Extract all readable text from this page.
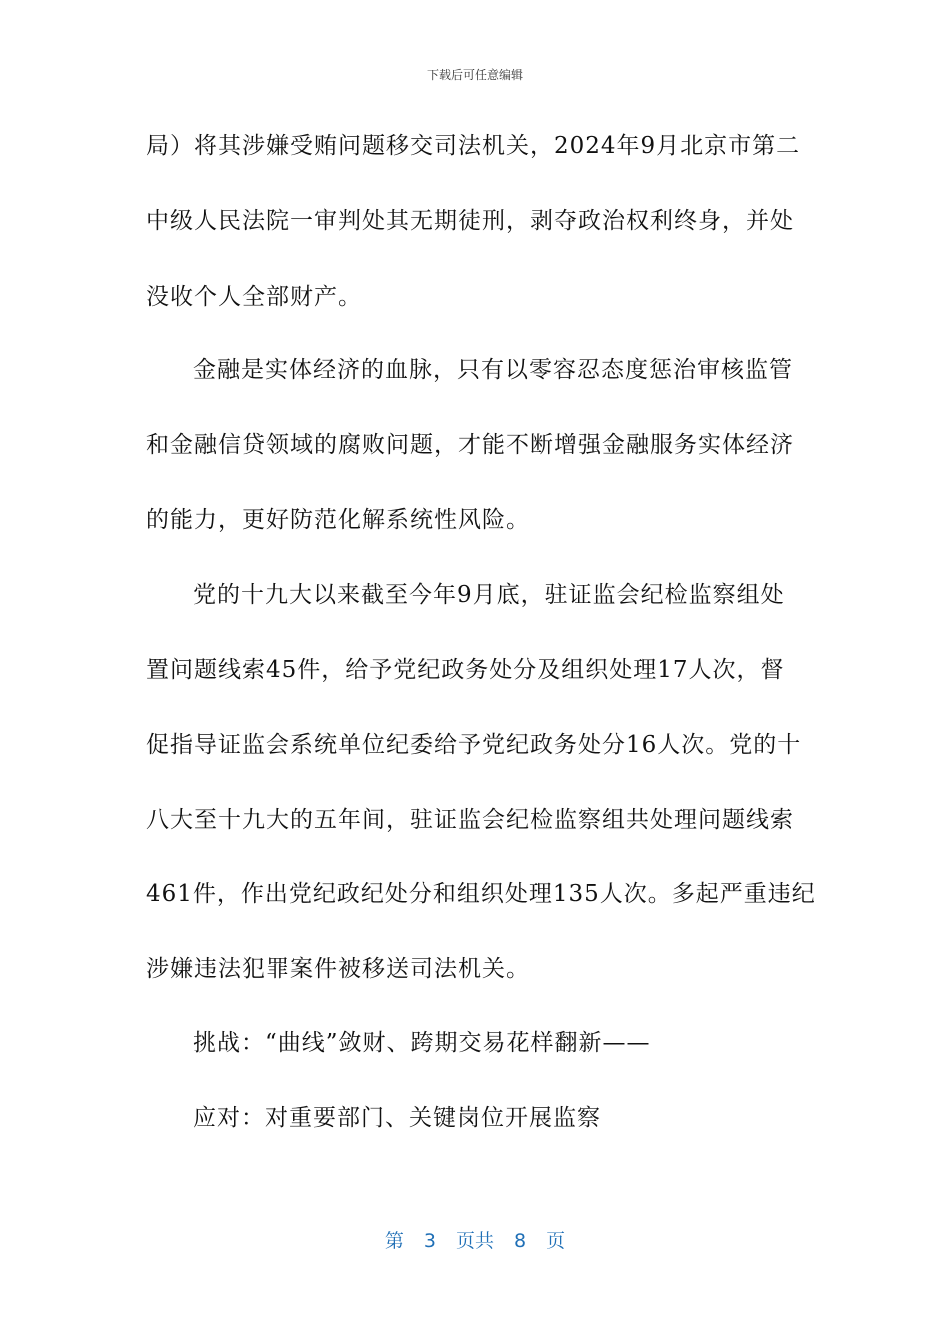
下载后可任意编辑
局）将其涉嫌受贿问题移交司法机关，2024年9月北京市第二
中级人民法院一审判处其无期徒刑，剥夺政治权利终身，并处
没收个人全部财产。
金融是实体经济的血脉，只有以零容忍态度惩治审核监管
和金融信贷领域的腐败问题，才能不断增强金融服务实体经济
的能力，更好防范化解系统性风险。
党的十九大以来截至今年9月底，驻证监会纪检监察组处
置问题线索45件，给予党纪政务处分及组织处理17人次，督
促指导证监会系统单位纪委给予党纪政务处分16人次。党的十
八大至十九大的五年间，驻证监会纪检监察组共处理问题线索
461件，作出党纪政纪处分和组织处理135人次。多起严重违纪
涉嫌违法犯罪案件被移送司法机关。
挑战：“曲线”敛财、跨期交易花样翻新——
应对：对重要部门、关键岗位开展监察
第 3 页共 8 页
